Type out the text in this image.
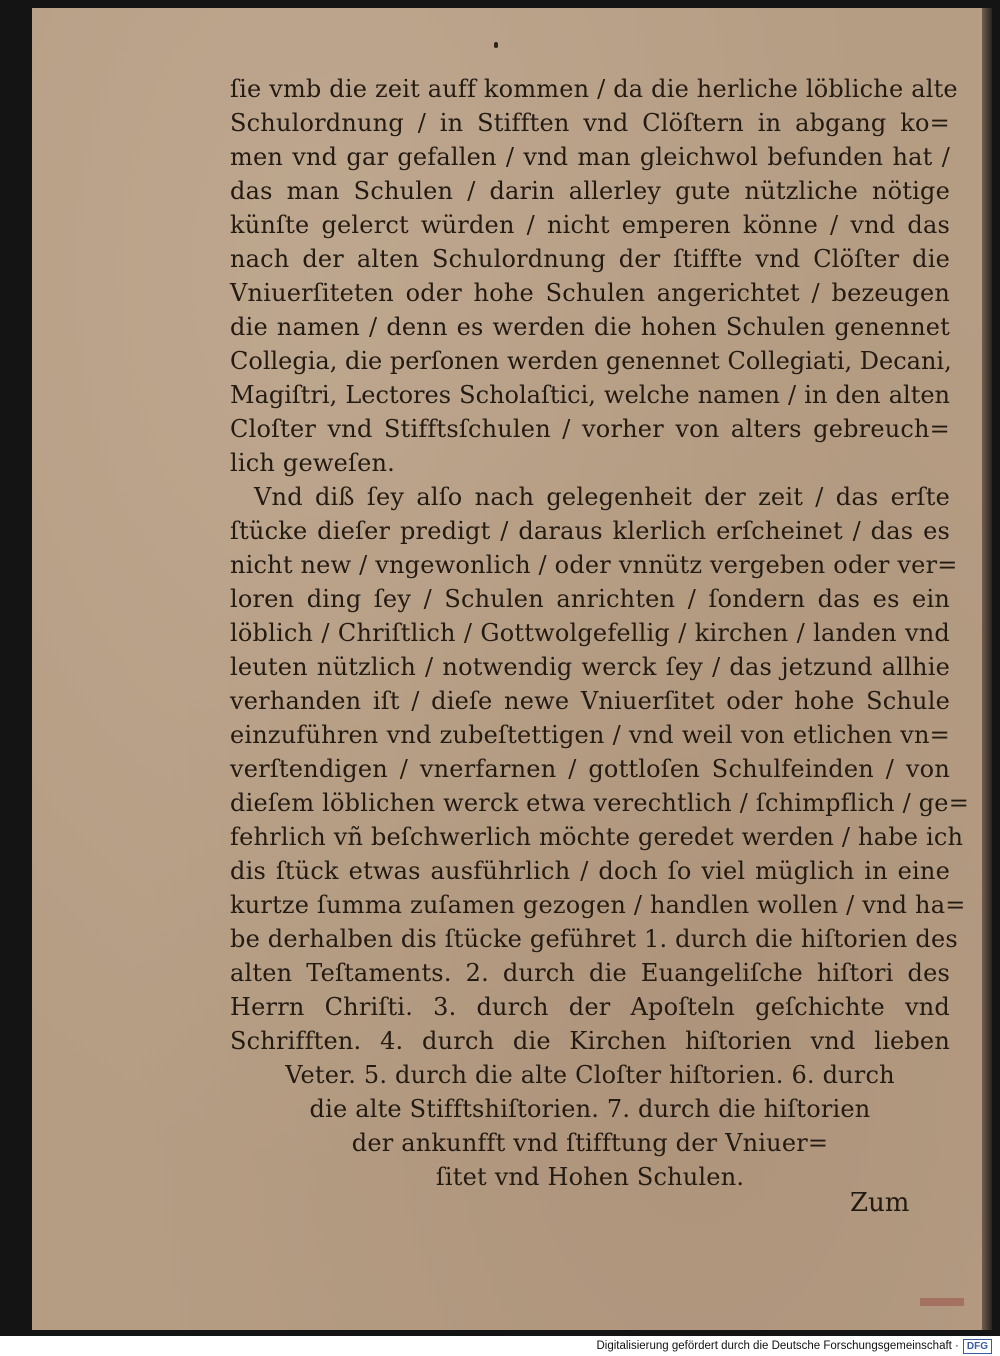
ſie vmb die zeit auff kommen / da die herliche löbliche alte
Schulordnung / in Stifften vnd Clöſtern in abgang ko=
men vnd gar gefallen / vnd man gleichwol befunden hat /
das man Schulen / darin allerley gute nützliche nötige
künſte gelerct würden / nicht emperen könne / vnd das
nach der alten Schulordnung der ſtiffte vnd Clöſter die
Vniuerſiteten oder hohe Schulen angerichtet / bezeugen
die namen / denn es werden die hohen Schulen genennet
Collegia, die perſonen werden genennet Collegiati, Decani,
Magiſtri, Lectores Scholaſtici, welche namen / in den alten
Cloſter vnd Stifftsſchulen / vorher von alters gebreuch=
lich geweſen.
Vnd diß ſey alſo nach gelegenheit der zeit / das erſte
ſtücke dieſer predigt / daraus klerlich erſcheinet / das es
nicht new / vngewonlich / oder vnnütz vergeben oder ver=
loren ding ſey / Schulen anrichten / ſondern das es ein
löblich / Chriſtlich / Gottwolgefellig / kirchen / landen vnd
leuten nützlich / notwendig werck ſey / das jetzund allhie
verhanden iſt / dieſe newe Vniuerſitet oder hohe Schule
einzuführen vnd zubeſtettigen / vnd weil von etlichen vn=
verſtendigen / vnerfarnen / gottloſen Schulfeinden / von
dieſem löblichen werck etwa verechtlich / ſchimpflich / ge=
fehrlich vñ beſchwerlich möchte geredet werden / habe ich
dis ſtück etwas ausführlich / doch ſo viel müglich in eine
kurtze ſumma zuſamen gezogen / handlen wollen / vnd ha=
be derhalben dis ſtücke geführet 1. durch die hiſtorien des
alten Teſtaments. 2. durch die Euangeliſche hiſtori des
Herrn Chriſti. 3. durch der Apoſteln geſchichte vnd
Schrifften. 4. durch die Kirchen hiſtorien vnd lieben
Veter. 5. durch die alte Cloſter hiſtorien. 6. durch
die alte Stifftshiſtorien. 7. durch die hiſtorien
der ankunfft vnd ſtifftung der Vniuer=
ſitet vnd Hohen Schulen.
Zum
Digitalisierung gefördert durch die Deutsche Forschungsgemeinschaft · DFG
